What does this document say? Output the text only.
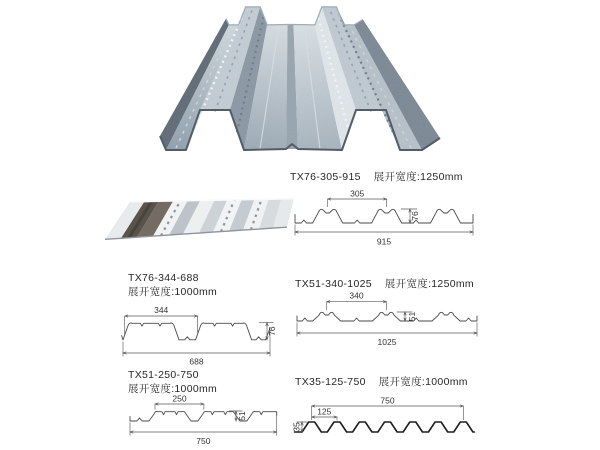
TX76-305-915 展开宽度:1250mm
TX76-344-688
展开宽度:1000mm
TX51-340-1025 展开宽度:1250mm
TX51-250-750
展开宽度:1000mm
TX35-125-750 展开宽度:1000mm
305
76
915
344
76
688
340
51
1025
250
51
750
750
125
35
